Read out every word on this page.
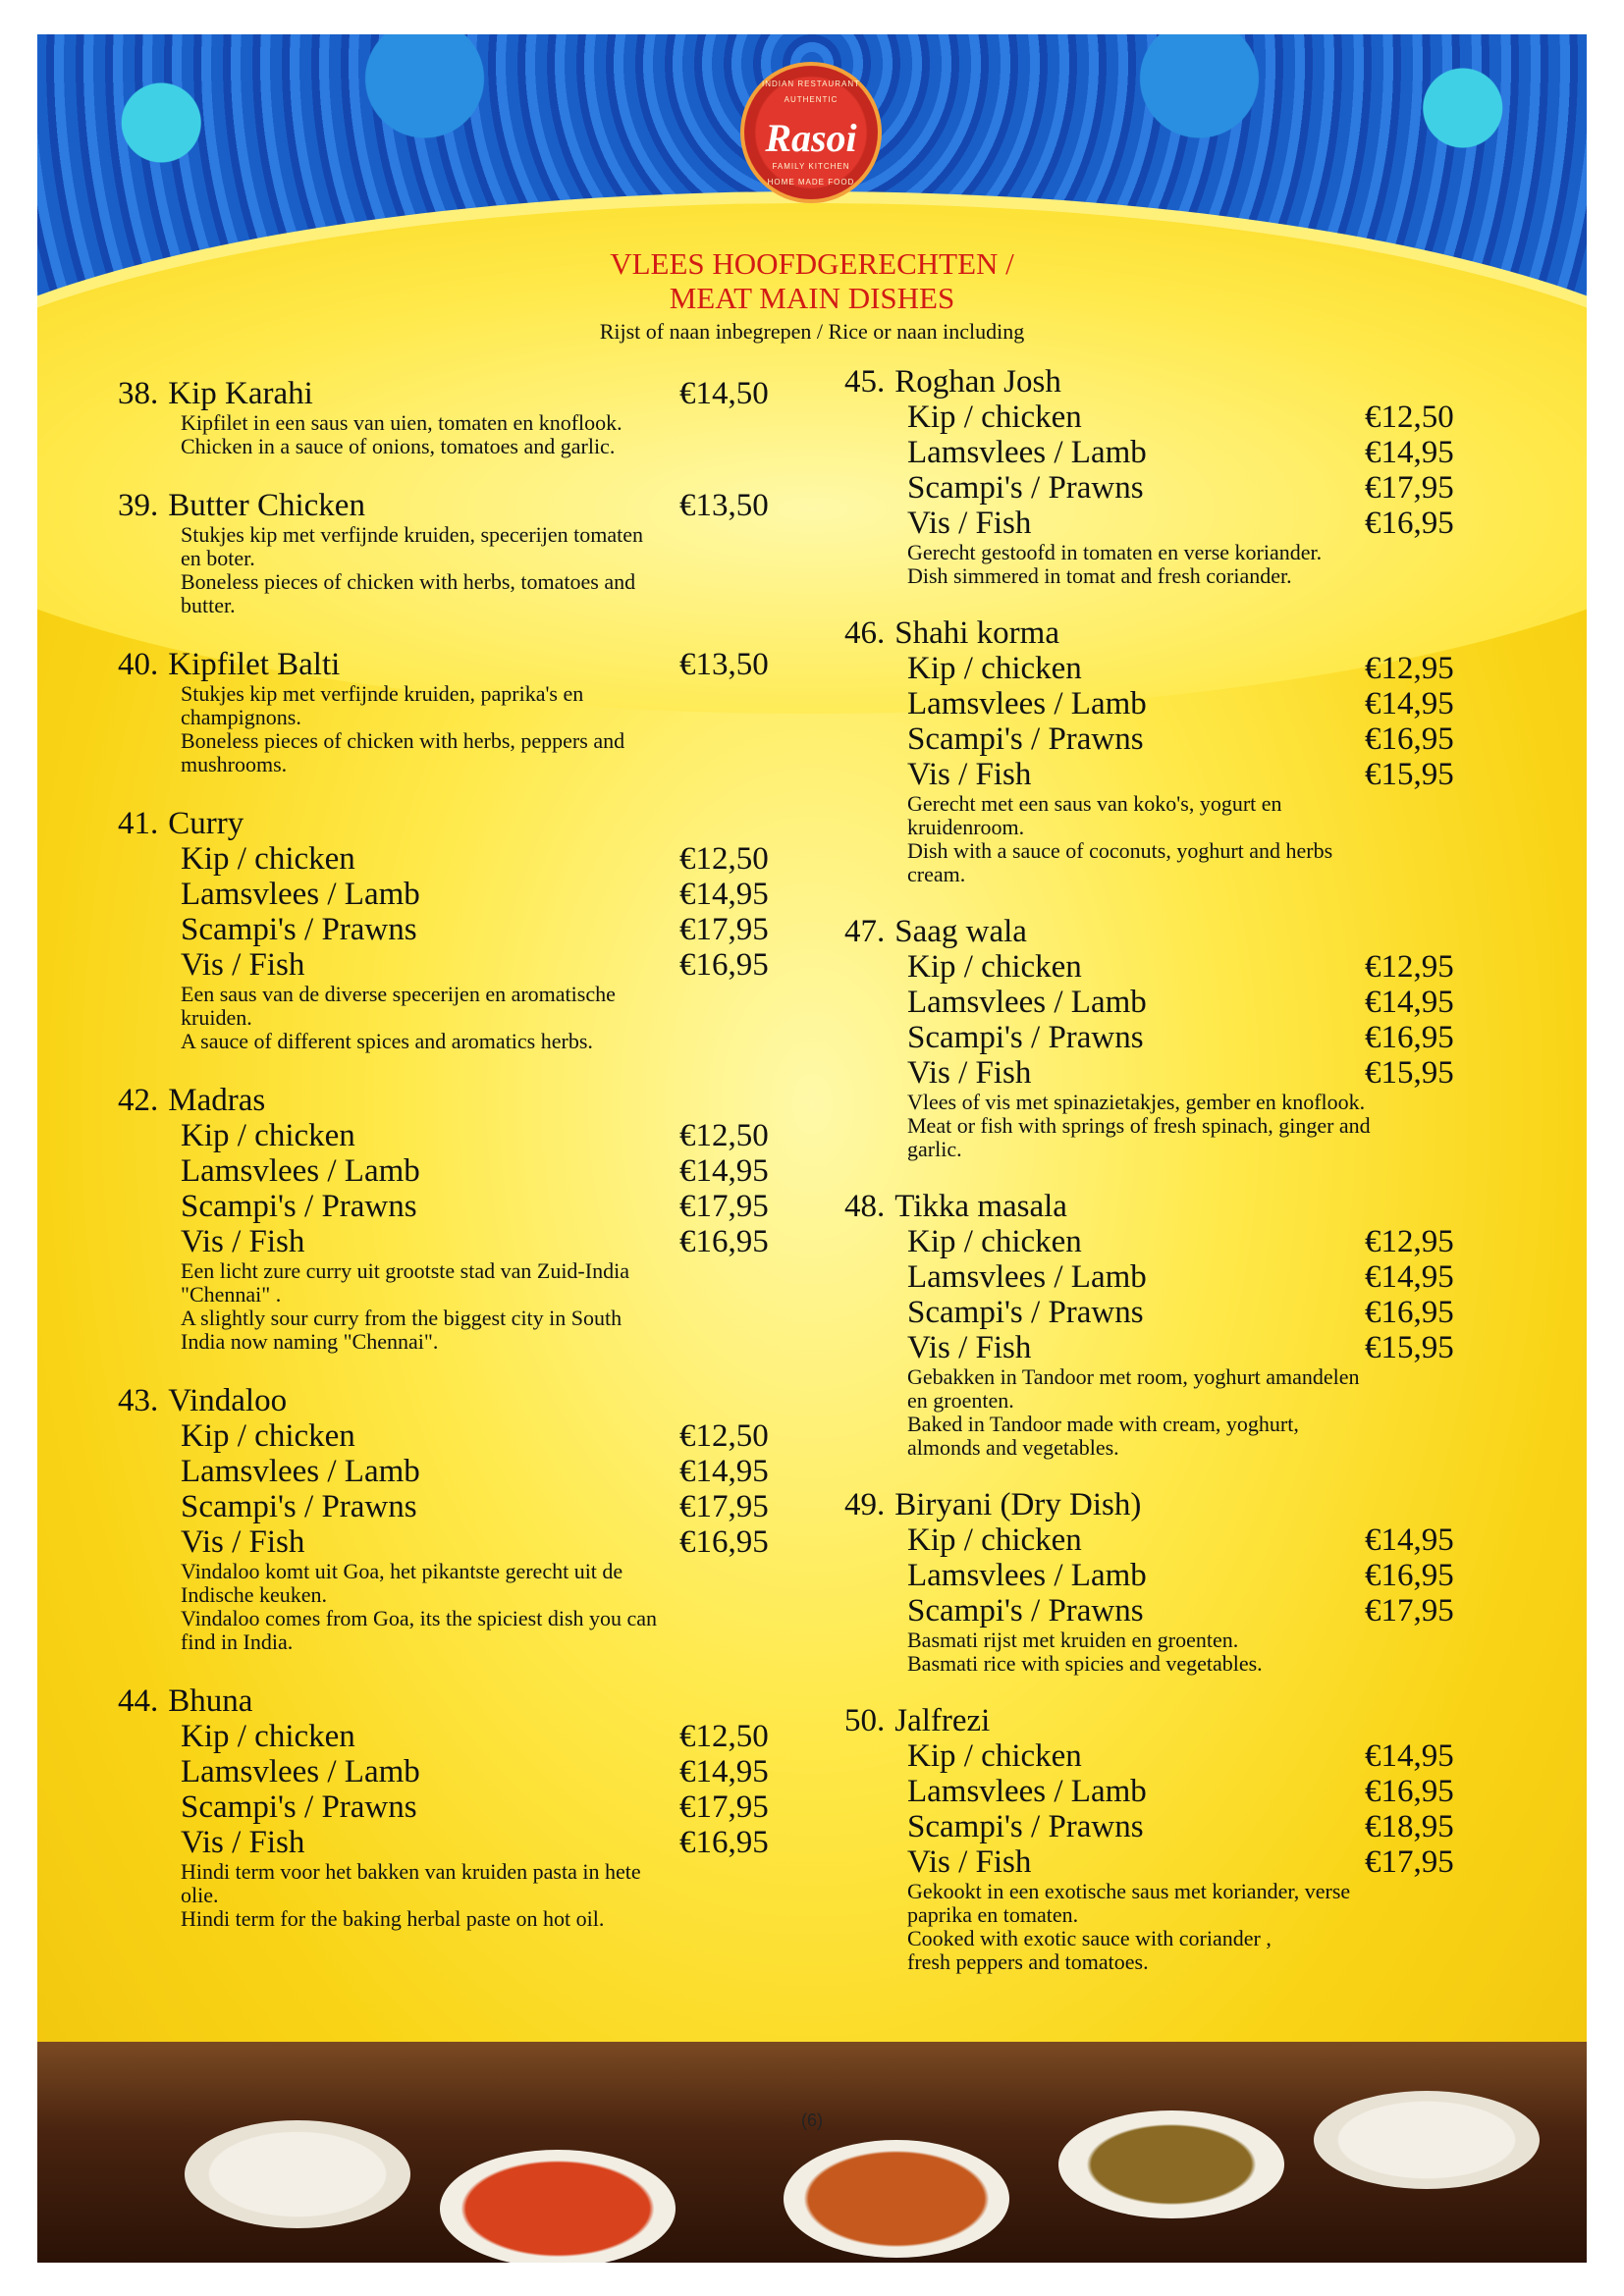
INDIAN RESTAURANT
AUTHENTIC
Rasoi
FAMILY KITCHEN
HOME MADE FOOD
VLEES HOOFDGERECHTEN /
MEAT MAIN DISHES
Rijst of naan inbegrepen / Rice or naan including
38. Kip Karahi	€14,50
Kipfilet in een saus van uien, tomaten en knoflook.
Chicken in a sauce of onions, tomatoes and garlic.
39. Butter Chicken	€13,50
Stukjes kip met verfijnde kruiden, specerijen tomaten
en boter.
Boneless pieces of chicken with herbs, tomatoes and
butter.
40. Kipfilet Balti	€13,50
Stukjes kip met verfijnde kruiden, paprika's en
champignons.
Boneless pieces of chicken with herbs, peppers and
mushrooms.
41. Curry
Kip / chicken	€12,50
Lamsvlees / Lamb	€14,95
Scampi's / Prawns	€17,95
Vis / Fish	€16,95
Een saus van de diverse specerijen en aromatische
kruiden.
A sauce of different spices and aromatics herbs.
42. Madras
Kip / chicken	€12,50
Lamsvlees / Lamb	€14,95
Scampi's / Prawns	€17,95
Vis / Fish	€16,95
Een licht zure curry uit grootste stad van Zuid-India
"Chennai" .
A slightly sour curry from the biggest city in South
India now naming "Chennai".
43. Vindaloo
Kip / chicken	€12,50
Lamsvlees / Lamb	€14,95
Scampi's / Prawns	€17,95
Vis / Fish	€16,95
Vindaloo komt uit Goa, het pikantste gerecht uit de
Indische keuken.
Vindaloo comes from Goa, its the spiciest dish you can
find in India.
44. Bhuna
Kip / chicken	€12,50
Lamsvlees / Lamb	€14,95
Scampi's / Prawns	€17,95
Vis / Fish	€16,95
Hindi term voor het bakken van kruiden pasta in hete
olie.
Hindi term for the baking herbal paste on hot oil.
45. Roghan Josh
Kip / chicken	€12,50
Lamsvlees / Lamb	€14,95
Scampi's / Prawns	€17,95
Vis / Fish	€16,95
Gerecht gestoofd in tomaten en verse koriander.
Dish simmered in tomat and fresh coriander.
46. Shahi korma
Kip / chicken	€12,95
Lamsvlees / Lamb	€14,95
Scampi's / Prawns	€16,95
Vis / Fish	€15,95
Gerecht met een saus van koko's, yogurt en
kruidenroom.
Dish with a sauce of coconuts, yoghurt and herbs
cream.
47. Saag wala
Kip / chicken	€12,95
Lamsvlees / Lamb	€14,95
Scampi's / Prawns	€16,95
Vis / Fish	€15,95
Vlees of vis met spinazietakjes, gember en knoflook.
Meat or fish with springs of fresh spinach, ginger and
garlic.
48. Tikka masala
Kip / chicken	€12,95
Lamsvlees / Lamb	€14,95
Scampi's / Prawns	€16,95
Vis / Fish	€15,95
Gebakken in Tandoor met room, yoghurt amandelen
en groenten.
Baked in Tandoor made with cream, yoghurt,
almonds and vegetables.
49. Biryani (Dry Dish)
Kip / chicken	€14,95
Lamsvlees / Lamb	€16,95
Scampi's / Prawns	€17,95
Basmati rijst met kruiden en groenten.
Basmati rice with spicies and vegetables.
50. Jalfrezi
Kip / chicken	€14,95
Lamsvlees / Lamb	€16,95
Scampi's / Prawns	€18,95
Vis / Fish	€17,95
Gekookt in een exotische saus met koriander, verse
paprika en tomaten.
Cooked with exotic sauce with coriander ,
fresh peppers and tomatoes.
(6)
